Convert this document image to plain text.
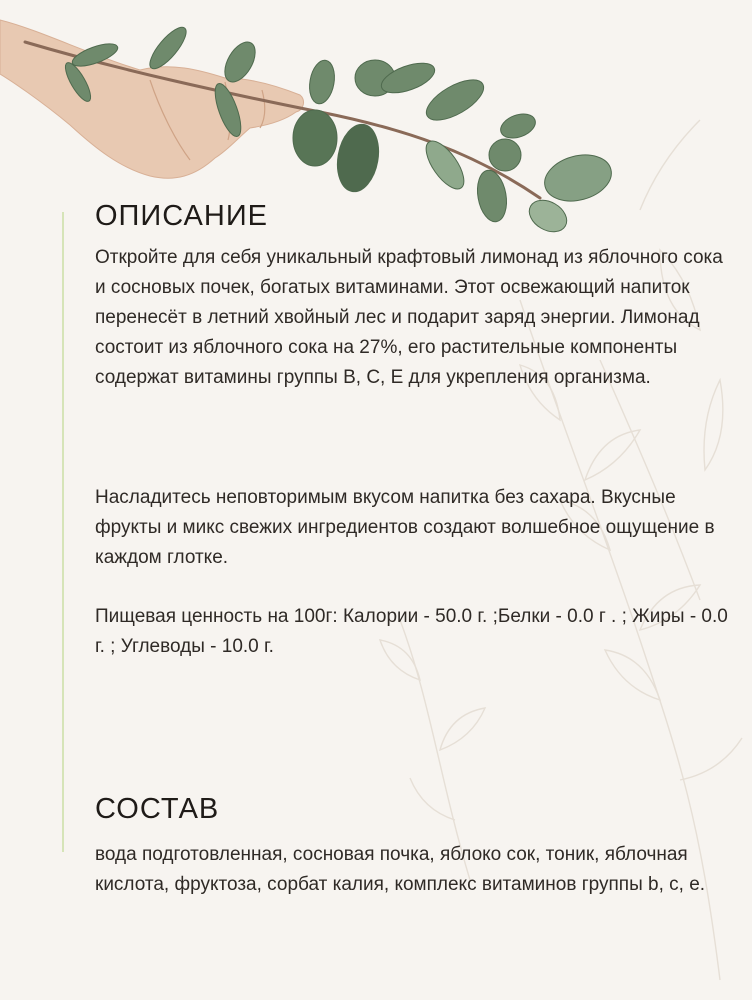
ОПИСАНИЕ

Откройте для себя уникальный крафтовый лимонад из яблочного сока и сосновых почек, богатых витаминами. Этот освежающий напиток перенесёт в летний хвойный лес и подарит заряд энергии. Лимонад состоит из яблочного сока на 27%, его растительные компоненты содержат витамины группы B, C, E для укрепления организма.

Насладитесь неповторимым вкусом напитка без сахара. Вкусные фрукты и микс свежих ингредиентов создают волшебное ощущение в каждом глотке.

Пищевая ценность на 100г: Калории - 50.0 г. ;Белки - 0.0 г . ; Жиры - 0.0 г. ; Углеводы - 10.0 г.

СОСТАВ

вода подготовленная, сосновая почка, яблоко сок, тоник, яблочная кислота, фруктоза, сорбат калия, комплекс витаминов группы b, c, e.
